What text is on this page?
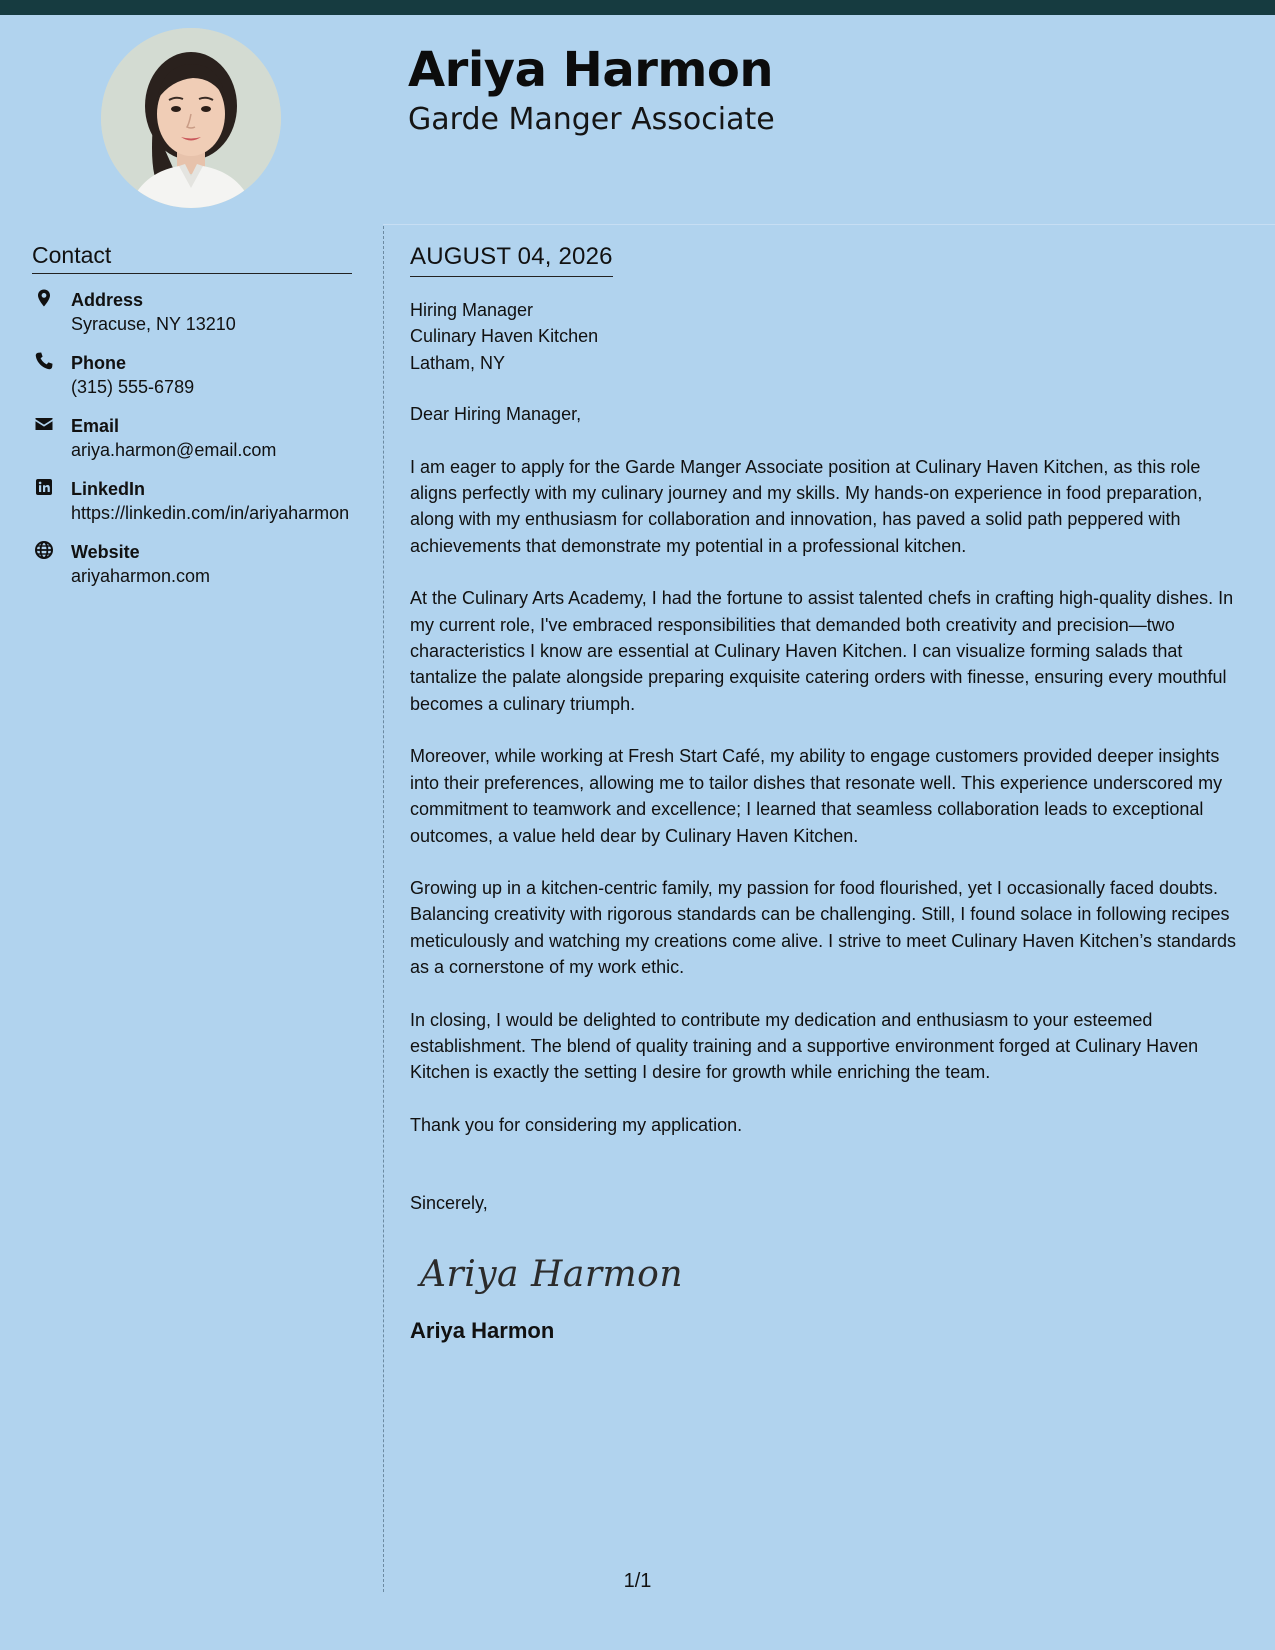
Ariya Harmon
Garde Manger Associate
Contact
Address
Syracuse, NY 13210
Phone
(315) 555-6789
Email
ariya.harmon@email.com
LinkedIn
https://linkedin.com/in/ariyaharmon
Website
ariyaharmon.com
AUGUST 04, 2026
Hiring Manager
Culinary Haven Kitchen
Latham, NY
Dear Hiring Manager,
I am eager to apply for the Garde Manger Associate position at Culinary Haven Kitchen, as this role aligns perfectly with my culinary journey and my skills. My hands-on experience in food preparation, along with my enthusiasm for collaboration and innovation, has paved a solid path peppered with achievements that demonstrate my potential in a professional kitchen.
At the Culinary Arts Academy, I had the fortune to assist talented chefs in crafting high-quality dishes. In my current role, I've embraced responsibilities that demanded both creativity and precision—two characteristics I know are essential at Culinary Haven Kitchen. I can visualize forming salads that tantalize the palate alongside preparing exquisite catering orders with finesse, ensuring every mouthful becomes a culinary triumph.
Moreover, while working at Fresh Start Café, my ability to engage customers provided deeper insights into their preferences, allowing me to tailor dishes that resonate well. This experience underscored my commitment to teamwork and excellence; I learned that seamless collaboration leads to exceptional outcomes, a value held dear by Culinary Haven Kitchen.
Growing up in a kitchen-centric family, my passion for food flourished, yet I occasionally faced doubts. Balancing creativity with rigorous standards can be challenging. Still, I found solace in following recipes meticulously and watching my creations come alive. I strive to meet Culinary Haven Kitchen’s standards as a cornerstone of my work ethic.
In closing, I would be delighted to contribute my dedication and enthusiasm to your esteemed establishment. The blend of quality training and a supportive environment forged at Culinary Haven Kitchen is exactly the setting I desire for growth while enriching the team.
Thank you for considering my application.
Sincerely,
Ariya Harmon
Ariya Harmon
1/1
